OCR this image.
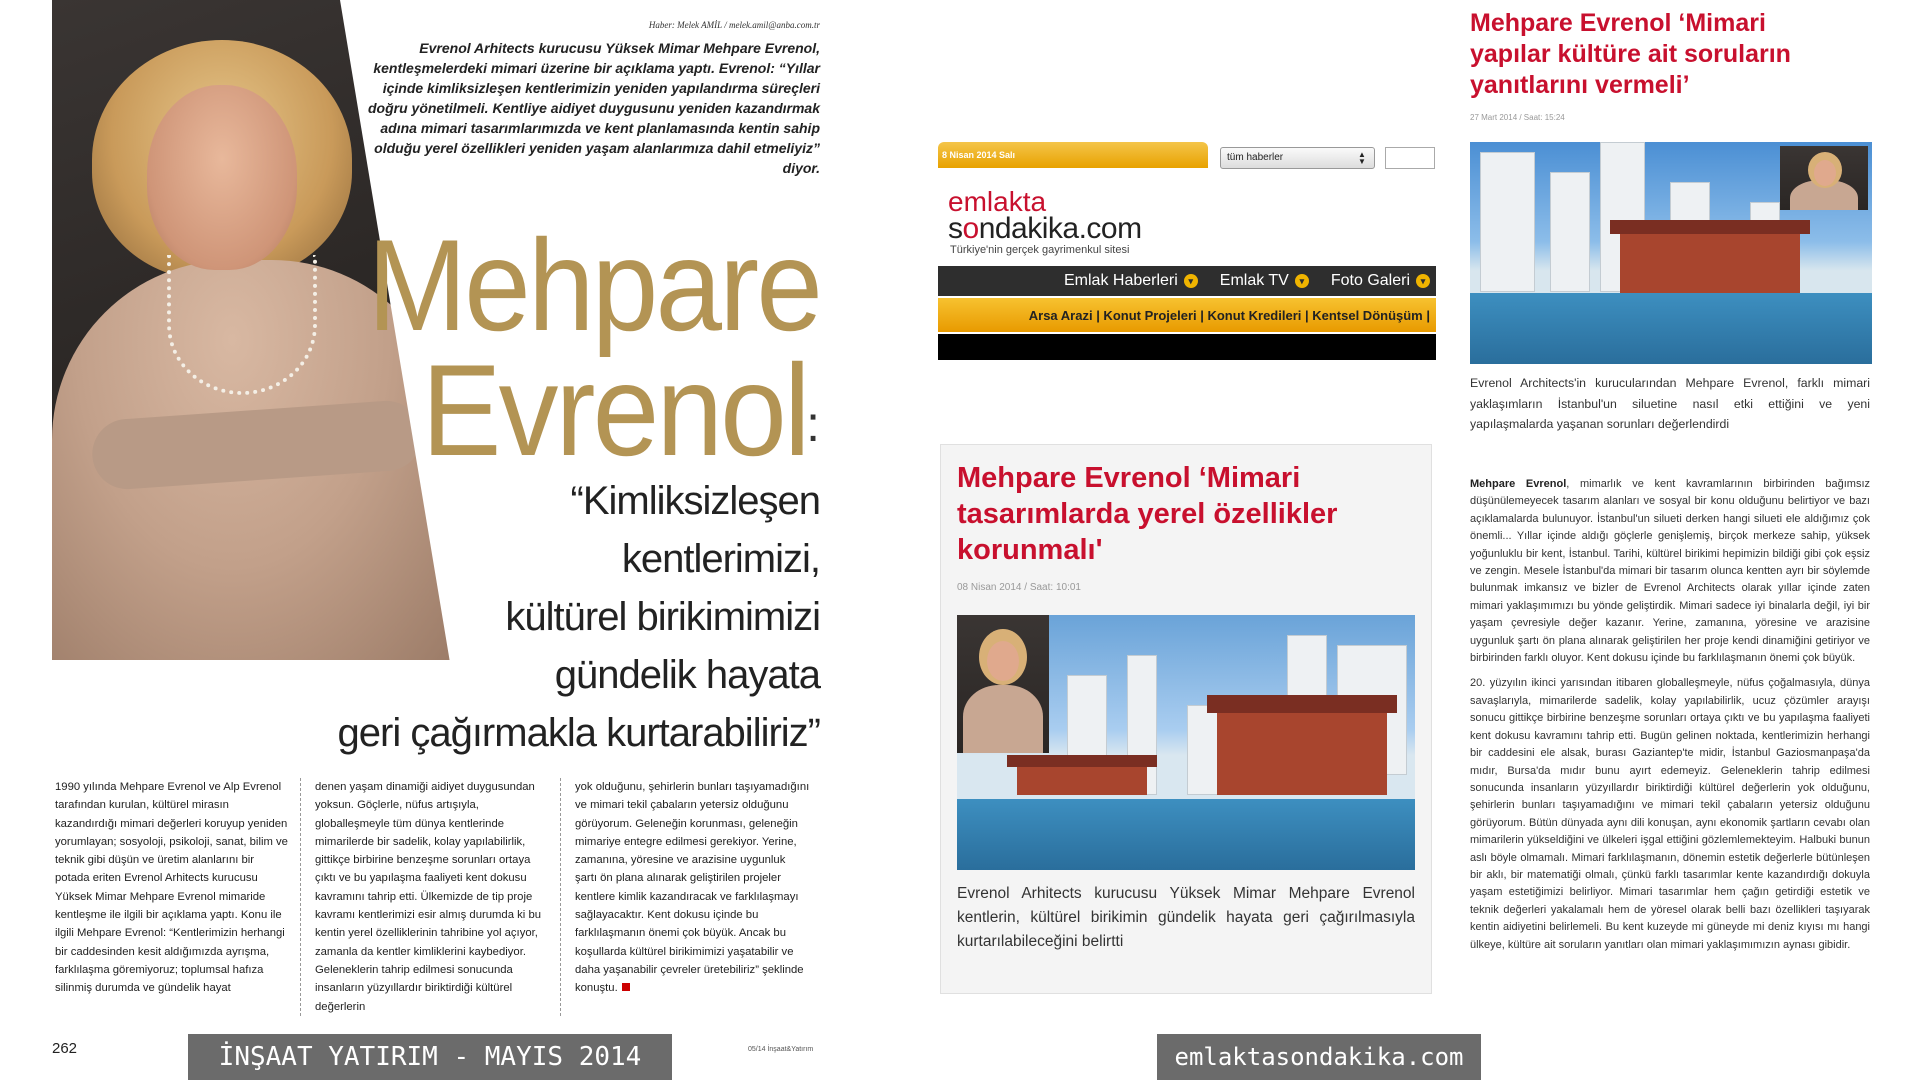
Haber: Melek AMİL / melek.amil@anba.com.tr
Evrenol Arhitects kurucusu Yüksek Mimar Mehpare Evrenol, kentleşmelerdeki mimari üzerine bir açıklama yaptı. Evrenol: “Yıllar içinde kimliksizleşen kentlerimizin yeniden yapılandırma süreçleri doğru yönetilmeli. Kentliye aidiyet duygusunu yeniden kazandırmak adına mimari tasarımlarımızda ve kent planlamasında kentin sahip olduğu yerel özellikleri yeniden yaşam alanlarımıza dahil etmeliyiz” diyor.
Mehpare
Evrenol
:
“Kimliksizleşen
kentlerimizi,
kültürel birikimimizi
gündelik hayata
geri çağırmakla kurtarabiliriz”
1990 yılında Mehpare Evrenol ve Alp Evrenol tarafından kurulan, kültürel mirasın kazandırdığı mimari değerleri koruyup yeniden yorumlayan; sosyoloji, psikoloji, sanat, bilim ve teknik gibi düşün ve üretim alanlarını bir potada eriten Evrenol Arhitects kurucusu Yüksek Mimar Mehpare Evrenol mimaride kentleşme ile ilgili bir açıklama yaptı. Konu ile ilgili Mehpare Evrenol: “Kentlerimizin herhangi bir caddesinden kesit aldığımızda ayrışma, farklılaşma göremiyoruz; toplumsal hafıza silinmiş durumda ve gündelik hayat
denen yaşam dinamiği aidiyet duygusundan yoksun. Göçlerle, nüfus artışıyla, globalleşmeyle tüm dünya kentlerinde mimarilerde bir sadelik, kolay yapılabilirlik, gittikçe birbirine benzeşme sorunları ortaya çıktı ve bu yapılaşma faaliyeti kent dokusu kavramını tahrip etti. Ülkemizde de tip proje kavramı kentlerimizi esir almış durumda ki bu kentin yerel özelliklerinin tahribine yol açıyor, zamanla da kentler kimliklerini kaybediyor. Geleneklerin tahrip edilmesi sonucunda insanların yüzyıllardır biriktirdiği kültürel değerlerin
yok olduğunu, şehirlerin bunları taşıyamadığını ve mimari tekil çabaların yetersiz olduğunu görüyorum. Geleneğin korunması, geleneğin mimariye entegre edilmesi gerekiyor. Yerine, zamanına, yöresine ve arazisine uygunluk şartı ön plana alınarak geliştirilen projeler kentlere kimlik kazandıracak ve farklılaşmayı sağlayacaktır. Kent dokusu içinde bu farklılaşmanın önemi çok büyük. Ancak bu koşullarda kültürel birikimimizi yaşatabilir ve daha yaşanabilir çevreler üretebiliriz” şeklinde konuştu.
262	05/14 İnşaat&Yatırım
İNŞAAT YATIRIM - MAYIS 2014
8 Nisan 2014 Salı	tüm haberler	▲
▼
emlakta
sondakika.com
Türkiye'nin gerçek gayrimenkul sitesi
Emlak Haberleri	▾ Emlak TV	▾ Foto Galeri	▾
Arsa Arazi | Konut Projeleri | Konut Kredileri | Kentsel Dönüşüm |
Mehpare Evrenol ‘Mimari tasarımlarda yerel özellikler korunmalı'
08 Nisan 2014 / Saat: 10:01
Evrenol Arhitects kurucusu Yüksek Mimar Mehpare Evrenol kentlerin, kültürel birikimin gündelik hayata geri çağırılmasıyla kurtarılabileceğini belirtti
emlaktasondakika.com
Mehpare Evrenol ‘Mimari yapılar kültüre ait soruların yanıtlarını vermeli’
27 Mart 2014 / Saat: 15:24
Evrenol Architects'in kurucularından Mehpare Evrenol, farklı mimari yaklaşımların İstanbul'un siluetine nasıl etki ettiğini ve yeni yapılaşmalarda yaşanan sorunları değerlendirdi

Mehpare Evrenol, mimarlık ve kent kavramlarının birbirinden bağımsız düşünülemeyecek tasarım alanları ve sosyal bir konu olduğunu belirtiyor ve bazı açıklamalarda bulunuyor. İstanbul'un silueti derken hangi silueti ele aldığımız çok önemli... Yıllar içinde aldığı göçlerle genişlemiş, birçok merkeze sahip, yüksek yoğunluklu bir kent, İstanbul. Tarihi, kültürel birikimi hepimizin bildiği gibi çok eşsiz ve zengin. Mesele İstanbul'da mimari bir tasarım olunca kentten ayrı bir söylemde bulunmak imkansız ve bizler de Evrenol Architects olarak yıllar içinde zaten mimari yaklaşımımızı bu yönde geliştirdik. Mimari sadece iyi binalarla değil, iyi bir yaşam çevresiyle değer kazanır. Yerine, zamanına, yöresine ve arazisine uygunluk şartı ön plana alınarak geliştirilen her proje kendi dinamiğini getiriyor ve birbirinden farklı oluyor. Kent dokusu içinde bu farklılaşmanın önemi çok büyük.

20. yüzyılın ikinci yarısından itibaren globalleşmeyle, nüfus çoğalmasıyla, dünya savaşlarıyla, mimarilerde sadelik, kolay yapılabilirlik, ucuz çözümler arayışı sonucu gittikçe birbirine benzeşme sorunları ortaya çıktı ve bu yapılaşma faaliyeti kent dokusu kavramını tahrip etti. Bugün gelinen noktada, kentlerimizin herhangi bir caddesini ele alsak, burası Gaziantep'te midir, İstanbul Gaziosmanpaşa'da mıdır, Bursa'da mıdır bunu ayırt edemeyiz. Geleneklerin tahrip edilmesi sonucunda insanların yüzyıllardır biriktirdiği kültürel değerlerin yok olduğunu, şehirlerin bunları taşıyamadığını ve mimari tekil çabaların yetersiz olduğunu görüyorum. Bütün dünyada aynı dili konuşan, aynı ekonomik şartların cevabı olan mimarilerin yükseldiğini ve ülkeleri işgal ettiğini gözlemlemekteyim. Halbuki bunun aslı böyle olmamalı. Mimari farklılaşmanın, dönemin estetik değerlerle bütünleşen bir aklı, bir matematiği olmalı, çünkü farklı tasarımlar kente kazandırdığı dokuyla yaşam estetiğimizi belirliyor. Mimari tasarımlar hem çağın getirdiği estetik ve teknik değerleri yakalamalı hem de yöresel olarak belli bazı özellikleri taşıyarak kentin aidiyetini belirlemeli. Bu kent kuzeyde mi güneyde mi deniz kıyısı mı hangi ülkeye, kültüre ait soruların yanıtları olan mimari yaklaşımımızın aynası gibidir.
